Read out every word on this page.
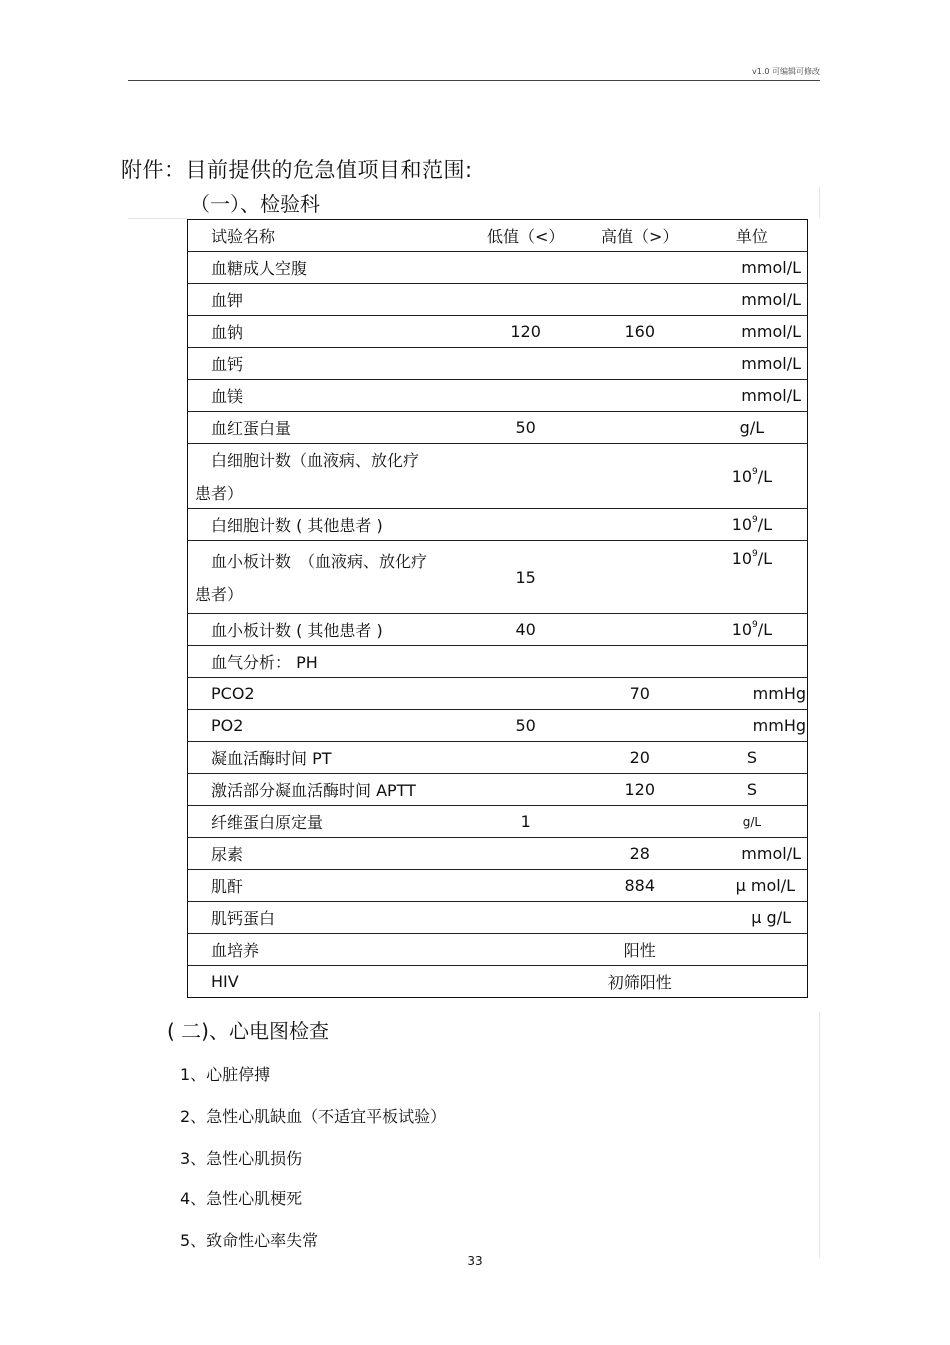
v1.0 可编辑可修改
附件：目前提供的危急值项目和范围:
（一）、检验科
试验名称	低值（<）	高值（>）	单位
血糖成人空腹			mmol/L
血钾			mmol/L
血钠	120	160	mmol/L
血钙			mmol/L
血镁			mmol/L
血红蛋白量	50		g/L
白细胞计数（血液病、放化疗
患者）			$10^9/L$
白细胞计数 ( 其他患者 )			$10^9/L$
血小板计数　（血液病、放化疗
患者）	15		$10^9/L$
血小板计数 ( 其他患者 )	40		$10^9/L$
血气分析： PH			
PCO2		70	mmHg
PO2	50		mmHg
凝血活酶时间 PT		20	S
激活部分凝血活酶时间 APTT		120	S
纤维蛋白原定量	1		g/L
尿素		28	mmol/L
肌酐		884	μ mol/L
肌钙蛋白			μ g/L
血培养		阳性	
HIV		初筛阳性	
( 二)、心电图检查
1、心脏停搏
2、急性心肌缺血（不适宜平板试验）
3、急性心肌损伤
4、急性心肌梗死
5、致命性心率失常
33
